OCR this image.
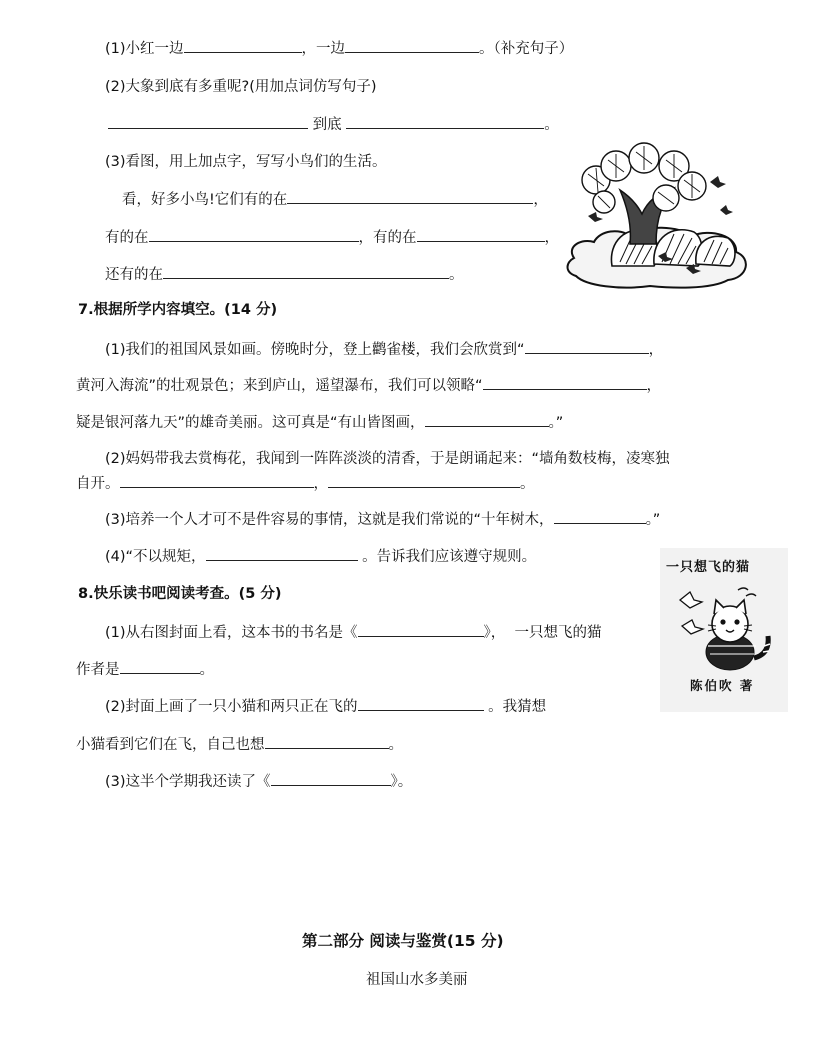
(1)小红一边	，一边	。（补充句子）
(2)大象到底有多重呢?(用加点词仿写句子)
到底	。
(3)看图，用上加点字，写写小鸟们的生活。
看，好多小鸟!它们有的在	，
有的在	，有的在	，
还有的在	。
7.根据所学内容填空。(14 分)
(1)我们的祖国风景如画。傍晚时分，登上鹳雀楼，我们会欣赏到“	，
黄河入海流”的壮观景色；来到庐山，遥望瀑布，我们可以领略“	，
疑是银河落九天”的雄奇美丽。这可真是“有山皆图画，	。”
(2)妈妈带我去赏梅花，我闻到一阵阵淡淡的清香，于是朗诵起来：“墙角数枝梅，凌寒独
自开。	，	。
(3)培养一个人才可不是件容易的事情，这就是我们常说的“十年树木，	。”
(4)“不以规矩，	。告诉我们应该遵守规则。
8.快乐读书吧阅读考查。(5 分)
(1)从右图封面上看，这本书的书名是《	》， 一只想飞的猫
作者是	。
(2)封面上画了一只小猫和两只正在飞的	。我猜想
小猫看到它们在飞，自己也想	。
(3)这半个学期我还读了《	》。
一只想飞的猫
陈伯吹 著
第二部分 阅读与鉴赏(15 分)
祖国山水多美丽
